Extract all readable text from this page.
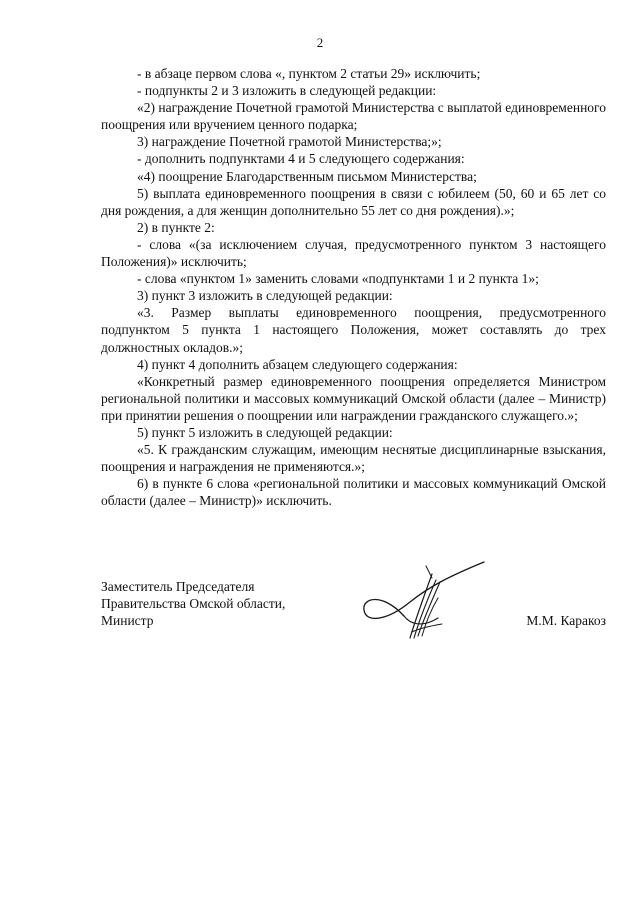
2

- в абзаце первом слова «, пунктом 2 статьи 29» исключить;

- подпункты 2 и 3 изложить в следующей редакции:

«2) награждение Почетной грамотой Министерства с выплатой единовременного поощрения или вручением ценного подарка;

3) награждение Почетной грамотой Министерства;»;

- дополнить подпунктами 4 и 5 следующего содержания:

«4) поощрение Благодарственным письмом Министерства;

5) выплата единовременного поощрения в связи с юбилеем (50, 60 и 65 лет со дня рождения, а для женщин дополнительно 55 лет со дня рождения).»;

2) в пункте 2:

- слова «(за исключением случая, предусмотренного пунктом 3 настоящего Положения)» исключить;

- слова «пунктом 1» заменить словами «подпунктами 1 и 2 пункта 1»;

3) пункт 3 изложить в следующей редакции:

«3. Размер выплаты единовременного поощрения, предусмотренного подпунктом 5 пункта 1 настоящего Положения, может составлять до трех должностных окладов.»;

4) пункт 4 дополнить абзацем следующего содержания:

«Конкретный размер единовременного поощрения определяется Министром региональной политики и массовых коммуникаций Омской области (далее – Министр) при принятии решения о поощрении или награждении гражданского служащего.»;

5) пункт 5 изложить в следующей редакции:

«5. К гражданским служащим, имеющим неснятые дисциплинарные взыскания, поощрения и награждения не применяются.»;

6) в пункте 6 слова «региональной политики и массовых коммуникаций Омской области (далее – Министр)» исключить.

Заместитель Председателя

Правительства Омской области,

Министр	М.М. Каракоз
